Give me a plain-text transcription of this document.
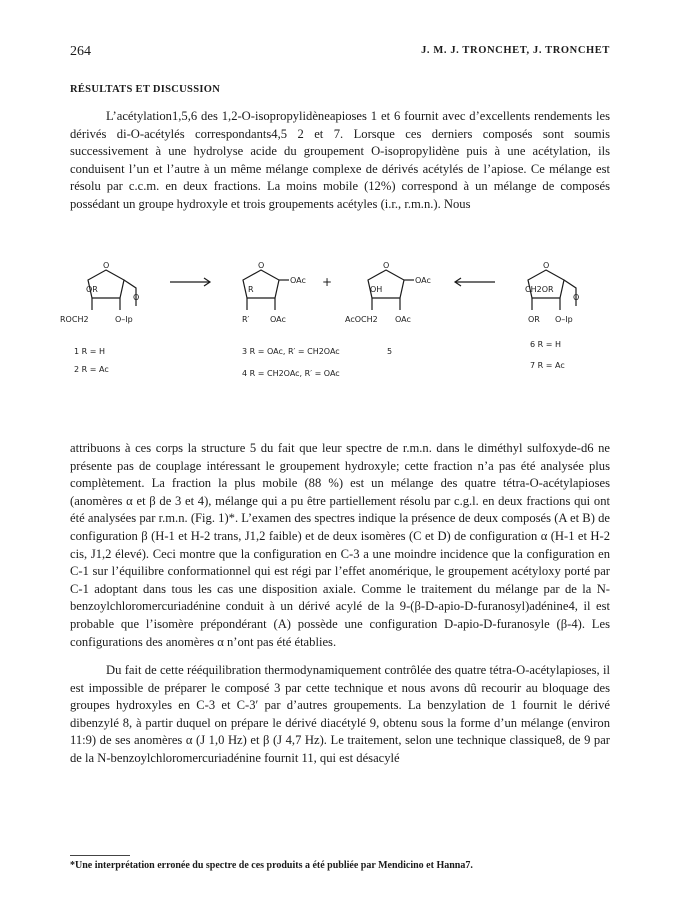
264	J. M. J. TRONCHET, J. TRONCHET
RÉSULTATS ET DISCUSSION

L’acétylation1,5,6 des 1,2-O-isopropylidèneapioses 1 et 6 fournit avec d’excellents rendements les dérivés di-O-acétylés correspondants4,5 2 et 7. Lorsque ces derniers composés sont soumis successivement à une hydrolyse acide du groupement O-isopropylidène puis à une acétylation, ils conduisent l’un et l’autre à un même mélange complexe de dérivés acétylés de l’apiose. Ce mélange est résolu par c.c.m. en deux fractions. La moins mobile (12%) correspond à un mélange de composés possédant un groupe hydroxyle et trois groupements acétyles (i.r., r.m.n.). Nous

O	O	O	O
OR
ROCH2
O
O–Ip
R
OAc
R′	OAc
+
OH
OAc
AcOCH2 OAc
CH2OR
O
OR O–Ip
1 R = H
2 R = Ac
3 R = OAc, R′ = CH2OAc
4 R = CH2OAc, R′ = OAc
5
6 R = H
7 R = Ac

attribuons à ces corps la structure 5 du fait que leur spectre de r.m.n. dans le diméthyl sulfoxyde-d6 ne présente pas de couplage intéressant le groupement hydroxyle; cette fraction n’a pas été analysée plus complètement. La fraction la plus mobile (88 %) est un mélange des quatre tétra-O-acétylapioses (anomères α et β de 3 et 4), mélange qui a pu être partiellement résolu par c.g.l. en deux fractions qui ont été analysées par r.m.n. (Fig. 1)*. L’examen des spectres indique la présence de deux composés (A et B) de configuration β (H-1 et H-2 trans, J1,2 faible) et de deux isomères (C et D) de configuration α (H-1 et H-2 cis, J1,2 élevé). Ceci montre que la configuration en C-3 a une moindre incidence que la configuration en C-1 sur l’équilibre conformationnel qui est régi par l’effet anomérique, le groupement acétyloxy porté par C-1 adoptant dans tous les cas une disposition axiale. Comme le traitement du mélange par de la N-benzoylchloromercuriadénine conduit à un dérivé acylé de la 9-(β-D-apio-D-furanosyl)adénine4, il est probable que l’isomère prépondérant (A) possède une configuration D-apio-D-furanosyle (β-4). Les configurations des anomères α n’ont pas été établies.

Du fait de cette rééquilibration thermodynamiquement contrôlée des quatre tétra-O-acétylapioses, il est impossible de préparer le composé 3 par cette technique et nous avons dû recourir au bloquage des groupes hydroxyles en C-3 et C-3′ par d’autres groupements. La benzylation de 1 fournit le dérivé dibenzylé 8, à partir duquel on prépare le dérivé diacétylé 9, obtenu sous la forme d’un mélange (environ 11:9) de ses anomères α (J 1,0 Hz) et β (J 4,7 Hz). Le traitement, selon une technique classique8, de 9 par de la N-benzoylchloromercuriadénine fournit 11, qui est désacylé

*Une interprétation erronée du spectre de ces produits a été publiée par Mendicino et Hanna7.
